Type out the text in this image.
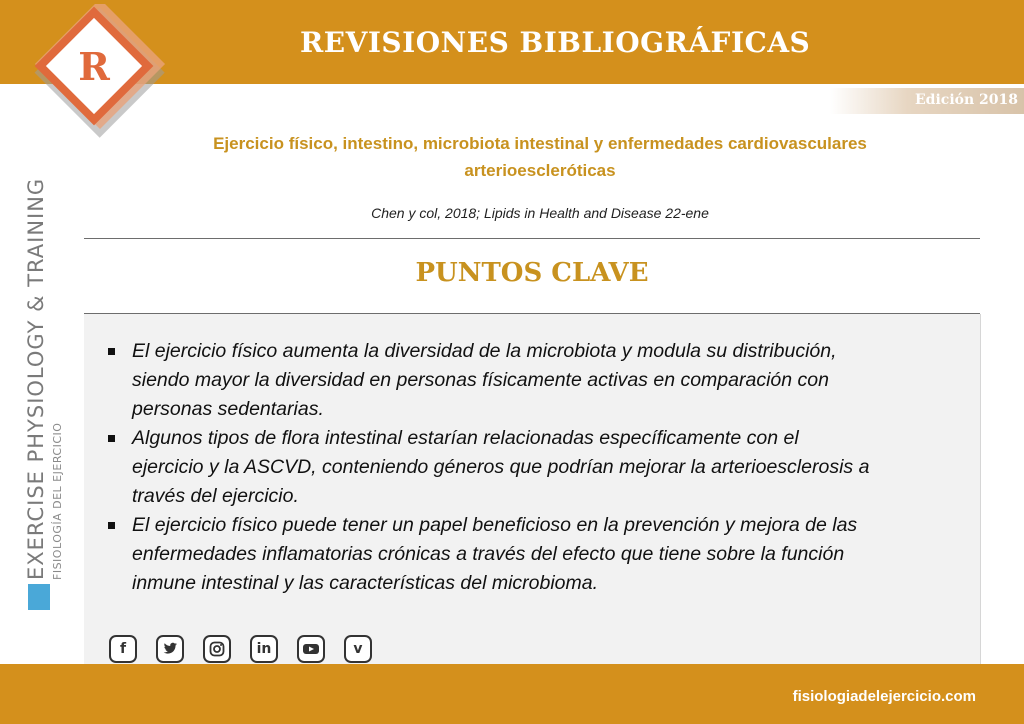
REVISIONES BIBLIOGRÁFICAS
R
Edición 2018
Ejercicio físico, intestino, microbiota intestinal y enfermedades cardiovasculares
arterioescleróticas
Chen y col, 2018; Lipids in Health and Disease 22-ene
PUNTOS CLAVE
El ejercicio físico aumenta la diversidad de la microbiota y modula su distribución,
siendo mayor la diversidad en personas físicamente activas en comparación con
personas sedentarias.
Algunos tipos de flora intestinal estarían relacionadas específicamente con el
ejercicio y la ASCVD, conteniendo géneros que podrían mejorar la arterioesclerosis a
través del ejercicio.
El ejercicio físico puede tener un papel beneficioso en la prevención y mejora de las
enfermedades inflamatorias crónicas a través del efecto que tiene sobre la función
inmune intestinal y las características del microbioma.
f	in	v
EXERCISE PHYSIOLOGY & TRAINING FISIOLOGÍA DEL EJERCICIO
fisiologiadelejercicio.com
